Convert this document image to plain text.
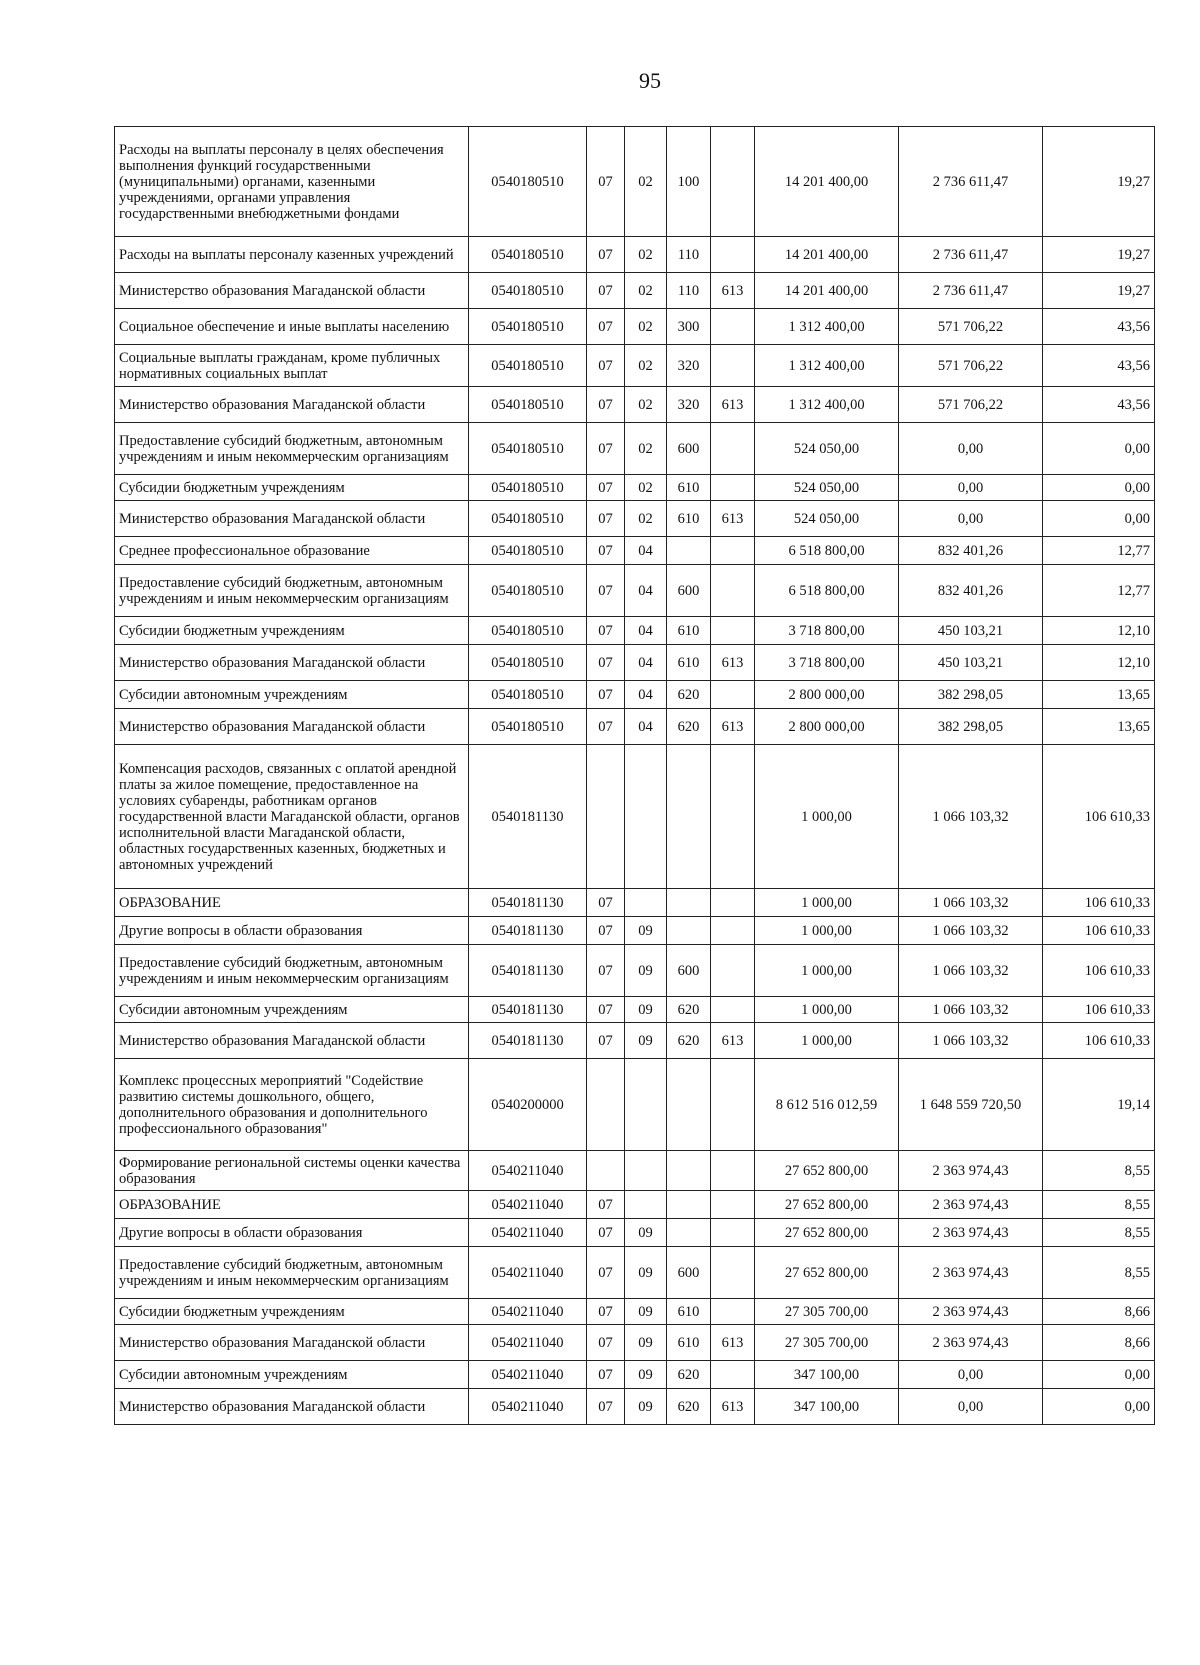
95
Расходы на выплаты персоналу в целях обеспечения выполнения функций государственными (муниципальными) органами, казенными учреждениями, органами управления государственными внебюджетными фондами	0540180510	07	02	100		14 201 400,00	2 736 611,47	19,27
Расходы на выплаты персоналу казенных учреждений	0540180510	07	02	110		14 201 400,00	2 736 611,47	19,27
Министерство образования Магаданской области	0540180510	07	02	110	613	14 201 400,00	2 736 611,47	19,27
Социальное обеспечение и иные выплаты населению	0540180510	07	02	300		1 312 400,00	571 706,22	43,56
Социальные выплаты гражданам, кроме публичных нормативных социальных выплат	0540180510	07	02	320		1 312 400,00	571 706,22	43,56
Министерство образования Магаданской области	0540180510	07	02	320	613	1 312 400,00	571 706,22	43,56
Предоставление субсидий бюджетным, автономным учреждениям и иным некоммерческим организациям	0540180510	07	02	600		524 050,00	0,00	0,00
Субсидии бюджетным учреждениям	0540180510	07	02	610		524 050,00	0,00	0,00
Министерство образования Магаданской области	0540180510	07	02	610	613	524 050,00	0,00	0,00
Среднее профессиональное образование	0540180510	07	04			6 518 800,00	832 401,26	12,77
Предоставление субсидий бюджетным, автономным учреждениям и иным некоммерческим организациям	0540180510	07	04	600		6 518 800,00	832 401,26	12,77
Субсидии бюджетным учреждениям	0540180510	07	04	610		3 718 800,00	450 103,21	12,10
Министерство образования Магаданской области	0540180510	07	04	610	613	3 718 800,00	450 103,21	12,10
Субсидии автономным учреждениям	0540180510	07	04	620		2 800 000,00	382 298,05	13,65
Министерство образования Магаданской области	0540180510	07	04	620	613	2 800 000,00	382 298,05	13,65
Компенсация расходов, связанных с оплатой арендной платы за жилое помещение, предоставленное на условиях субаренды, работникам органов государственной власти Магаданской области, органов исполнительной власти Магаданской области, областных государственных казенных, бюджетных и автономных учреждений	0540181130					1 000,00	1 066 103,32	106 610,33
ОБРАЗОВАНИЕ	0540181130	07				1 000,00	1 066 103,32	106 610,33
Другие вопросы в области образования	0540181130	07	09			1 000,00	1 066 103,32	106 610,33
Предоставление субсидий бюджетным, автономным учреждениям и иным некоммерческим организациям	0540181130	07	09	600		1 000,00	1 066 103,32	106 610,33
Субсидии автономным учреждениям	0540181130	07	09	620		1 000,00	1 066 103,32	106 610,33
Министерство образования Магаданской области	0540181130	07	09	620	613	1 000,00	1 066 103,32	106 610,33
Комплекс процессных мероприятий "Содействие развитию системы дошкольного, общего, дополнительного образования и дополнительного профессионального образования"	0540200000					8 612 516 012,59	1 648 559 720,50	19,14
Формирование региональной системы оценки качества образования	0540211040					27 652 800,00	2 363 974,43	8,55
ОБРАЗОВАНИЕ	0540211040	07				27 652 800,00	2 363 974,43	8,55
Другие вопросы в области образования	0540211040	07	09			27 652 800,00	2 363 974,43	8,55
Предоставление субсидий бюджетным, автономным учреждениям и иным некоммерческим организациям	0540211040	07	09	600		27 652 800,00	2 363 974,43	8,55
Субсидии бюджетным учреждениям	0540211040	07	09	610		27 305 700,00	2 363 974,43	8,66
Министерство образования Магаданской области	0540211040	07	09	610	613	27 305 700,00	2 363 974,43	8,66
Субсидии автономным учреждениям	0540211040	07	09	620		347 100,00	0,00	0,00
Министерство образования Магаданской области	0540211040	07	09	620	613	347 100,00	0,00	0,00
